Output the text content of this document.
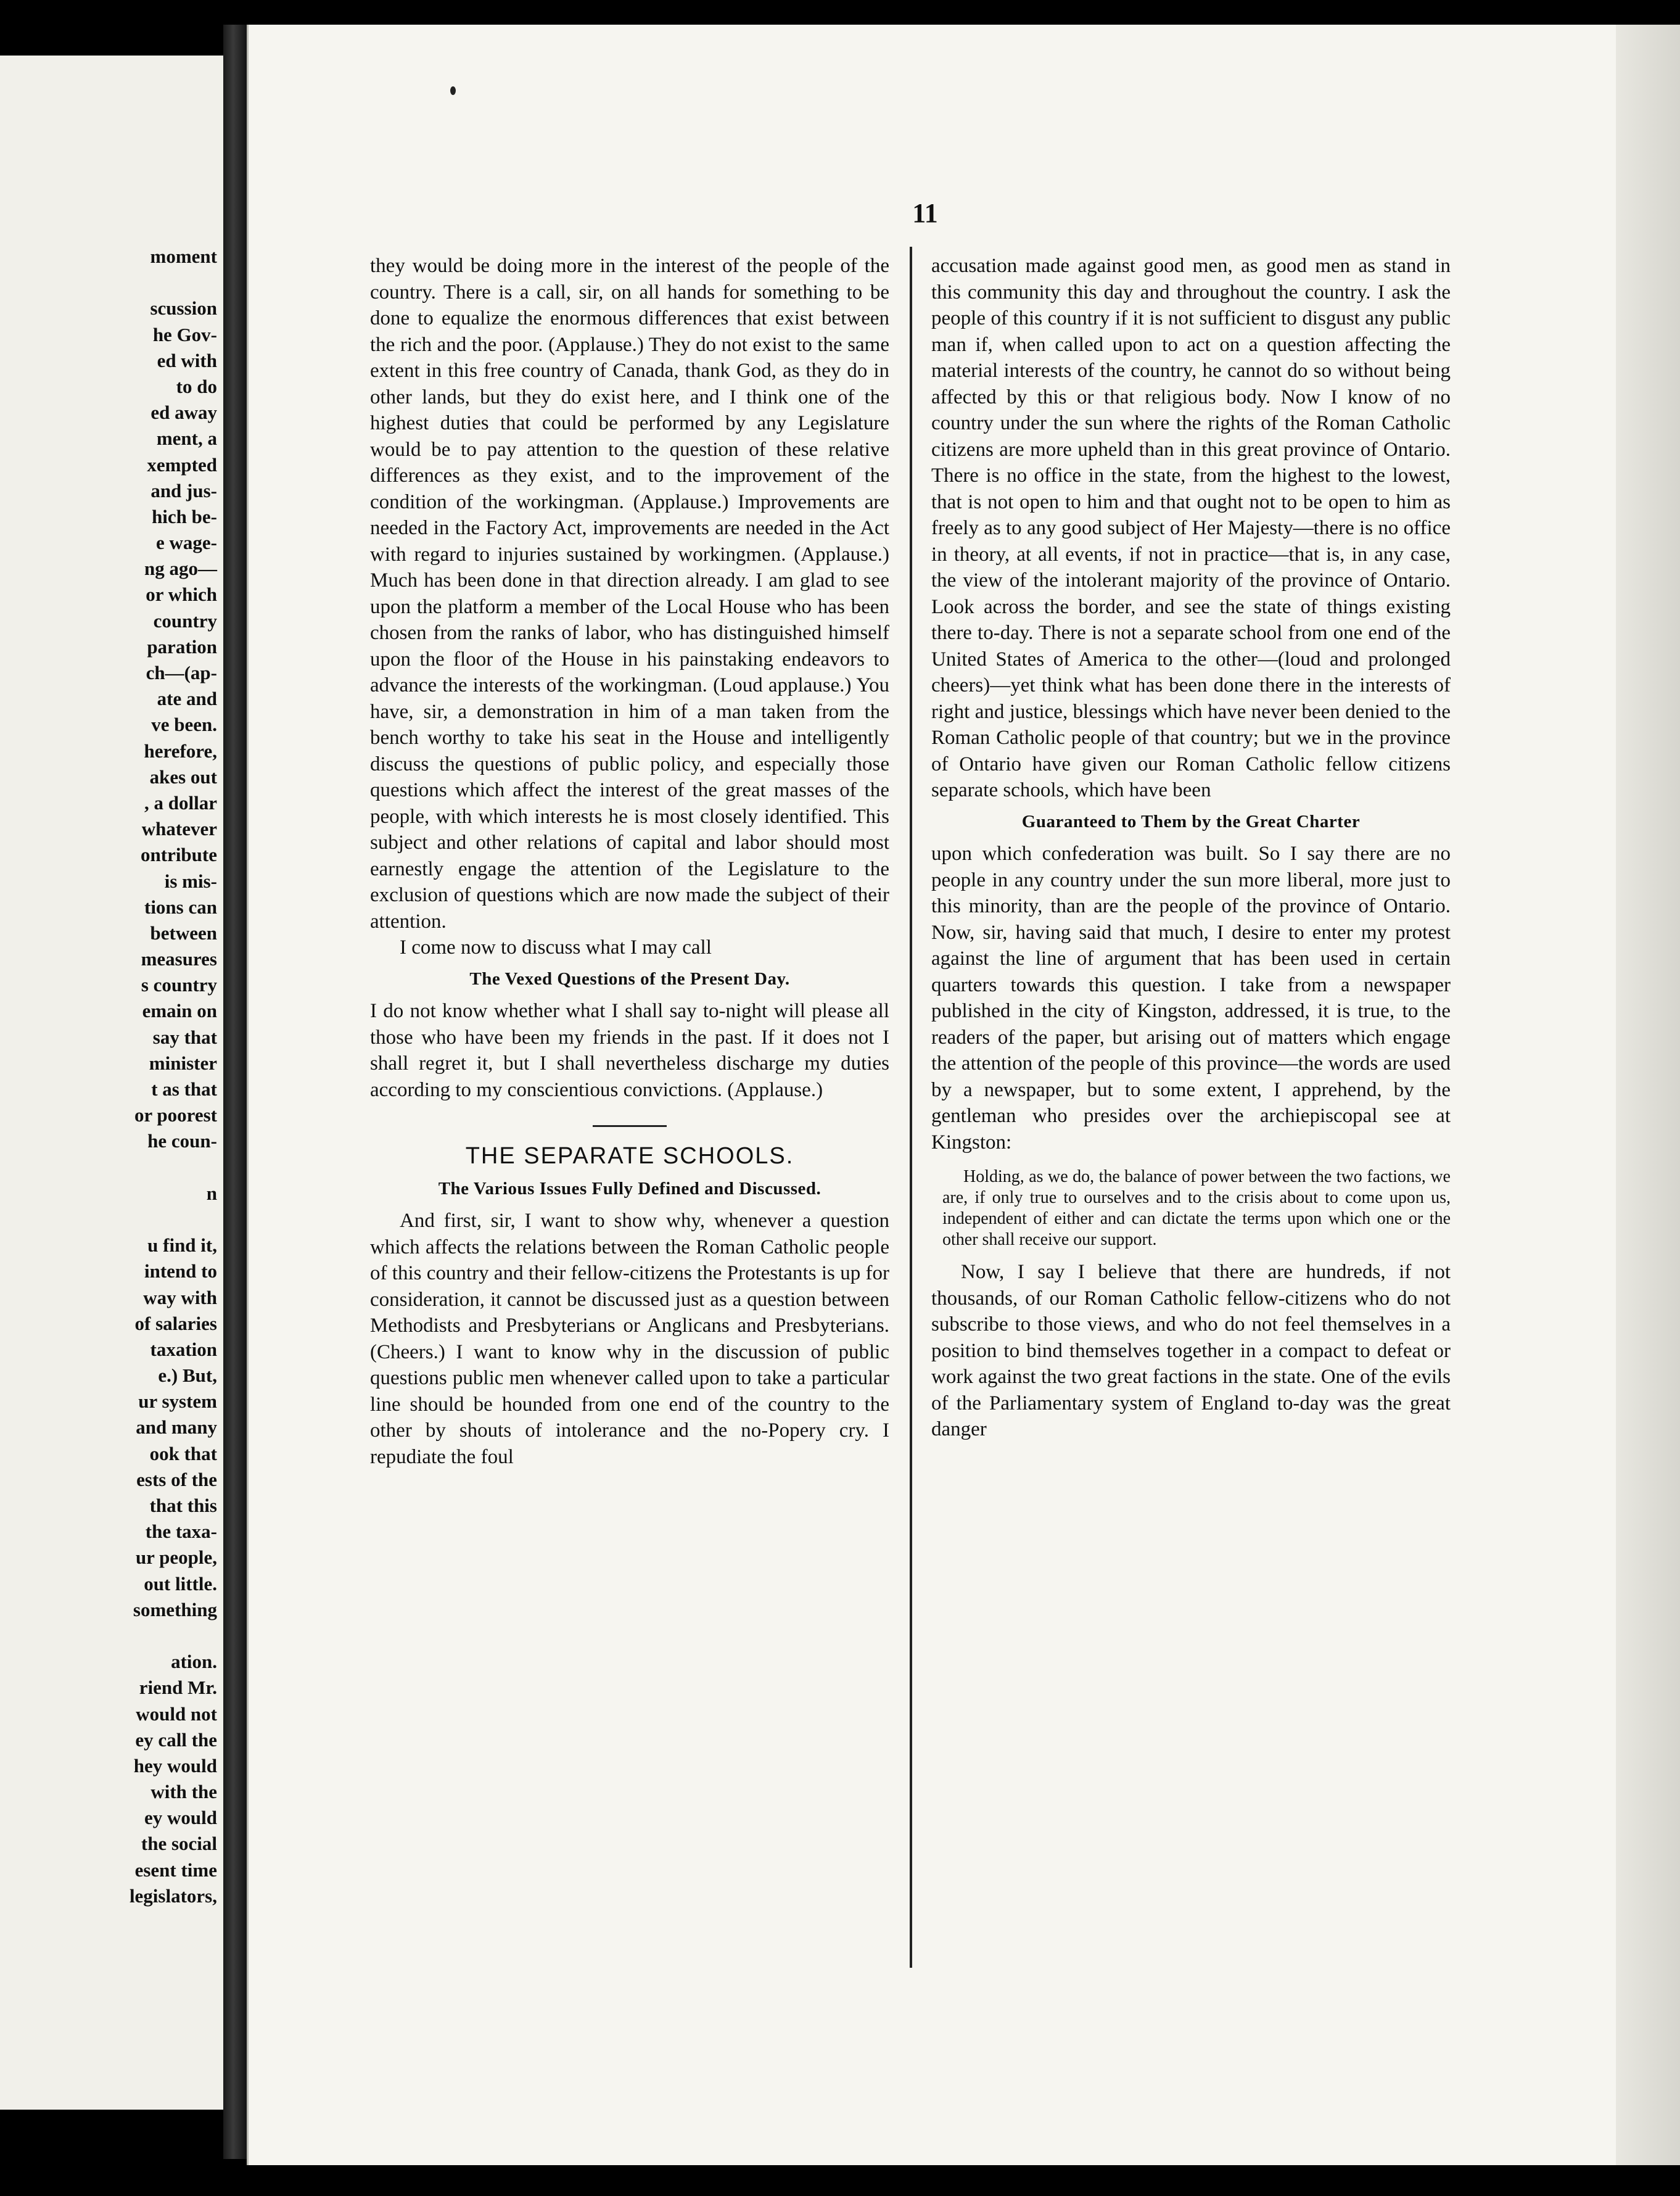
moment
scussion
he Gov-
ed with
to do
ed away
ment, a
xempted
and jus-
hich be-
e wage-
ng ago—
or which
country
paration
ch—(ap-
ate and
ve been.
herefore,
akes out
, a dollar
whatever
ontribute
is mis-
tions can
between
measures
s country
emain on
say that
minister
t as that
or poorest
he coun-
n
u find it,
intend to
way with
of salaries
taxation
e.) But,
ur system
and many
ook that
ests of the
that this
the taxa-
ur people,
out little.
something
ation.
riend Mr.
would not
ey call the
hey would
with the
ey would
the social
esent time
legislators,
11

they would be doing more in the interest of the people of the country. There is a call, sir, on all hands for something to be done to equalize the enormous differences that exist between the rich and the poor. (Applause.) They do not exist to the same extent in this free country of Canada, thank God, as they do in other lands, but they do exist here, and I think one of the highest duties that could be performed by any Legislature would be to pay attention to the question of these relative differences as they exist, and to the improvement of the condition of the workingman. (Applause.) Improvements are needed in the Factory Act, improvements are needed in the Act with regard to injuries sustained by workingmen. (Applause.) Much has been done in that direction already. I am glad to see upon the platform a member of the Local House who has been chosen from the ranks of labor, who has distinguished himself upon the floor of the House in his painstaking endeavors to advance the interests of the workingman. (Loud applause.) You have, sir, a demonstration in him of a man taken from the bench worthy to take his seat in the House and intelligently discuss the questions of public policy, and especially those questions which affect the interest of the great masses of the people, with which interests he is most closely identified. This subject and other relations of capital and labor should most earnestly engage the attention of the Legislature to the exclusion of questions which are now made the subject of their attention.

I come now to discuss what I may call

The Vexed Questions of the Present Day.

I do not know whether what I shall say to-night will please all those who have been my friends in the past. If it does not I shall regret it, but I shall nevertheless discharge my duties according to my conscientious convictions. (Applause.)

THE SEPARATE SCHOOLS.
The Various Issues Fully Defined and Discussed.

And first, sir, I want to show why, whenever a question which affects the relations between the Roman Catholic people of this country and their fellow-citizens the Protestants is up for consideration, it cannot be discussed just as a question between Methodists and Presbyterians or Anglicans and Presbyterians. (Cheers.) I want to know why in the discussion of public questions public men whenever called upon to take a particular line should be hounded from one end of the country to the other by shouts of intolerance and the no-Popery cry. I repudiate the foul

accusation made against good men, as good men as stand in this community this day and throughout the country. I ask the people of this country if it is not sufficient to disgust any public man if, when called upon to act on a question affecting the material interests of the country, he cannot do so without being affected by this or that religious body. Now I know of no country under the sun where the rights of the Roman Catholic citizens are more upheld than in this great province of Ontario. There is no office in the state, from the highest to the lowest, that is not open to him and that ought not to be open to him as freely as to any good subject of Her Majesty—there is no office in theory, at all events, if not in practice—that is, in any case, the view of the intolerant majority of the province of Ontario. Look across the border, and see the state of things existing there to-day. There is not a separate school from one end of the United States of America to the other—(loud and prolonged cheers)—yet think what has been done there in the interests of right and justice, blessings which have never been denied to the Roman Catholic people of that country; but we in the province of Ontario have given our Roman Catholic fellow citizens separate schools, which have been

Guaranteed to Them by the Great Charter

upon which confederation was built. So I say there are no people in any country under the sun more liberal, more just to this minority, than are the people of the province of Ontario. Now, sir, having said that much, I desire to enter my protest against the line of argument that has been used in certain quarters towards this question. I take from a newspaper published in the city of Kingston, addressed, it is true, to the readers of the paper, but arising out of matters which engage the attention of the people of this province—the words are used by a newspaper, but to some extent, I apprehend, by the gentleman who presides over the archiepiscopal see at Kingston:

Holding, as we do, the balance of power between the two factions, we are, if only true to ourselves and to the crisis about to come upon us, independent of either and can dictate the terms upon which one or the other shall receive our support.

Now, I say I believe that there are hundreds, if not thousands, of our Roman Catholic fellow-citizens who do not subscribe to those views, and who do not feel themselves in a position to bind themselves together in a compact to defeat or work against the two great factions in the state. One of the evils of the Parliamentary system of England to-day was the great danger
